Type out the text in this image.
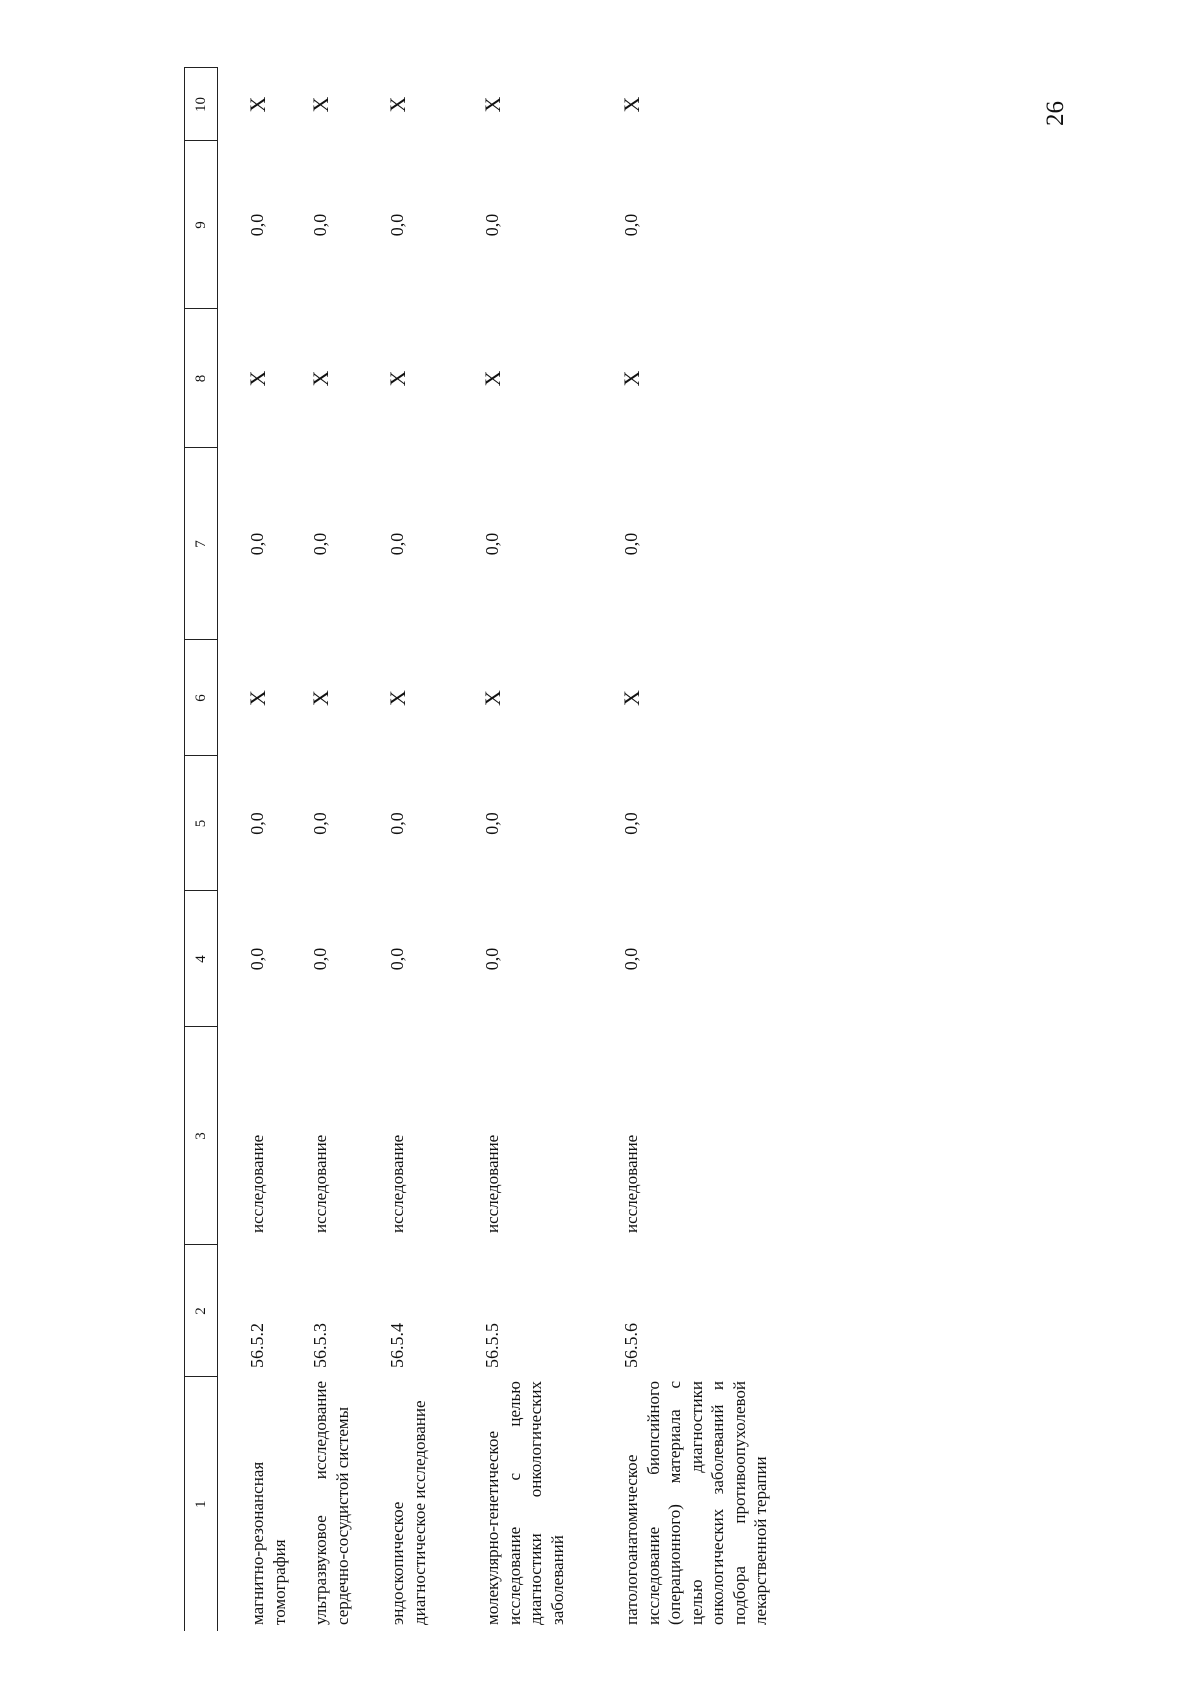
26
1	2	3	4	5	6	7	8	9	10
магнитно-резонансная томография	56.5.2	исследование	0,0	0,0	X	0,0	X	0,0	X
ультразвуковое исследование сердечно-сосудистой системы	56.5.3	исследование	0,0	0,0	X	0,0	X	0,0	X
эндоскопическое диагностическое исследование	56.5.4	исследование	0,0	0,0	X	0,0	X	0,0	X
молекулярно-генетическое исследование с целью диагностики онкологических заболеваний	56.5.5	исследование	0,0	0,0	X	0,0	X	0,0	X
патологоанатомическое исследование биопсийного (операционного) материала с целью диагностики онкологических заболеваний и подбора противоопухолевой лекарственной терапии	56.5.6	исследование	0,0	0,0	X	0,0	X	0,0	X
